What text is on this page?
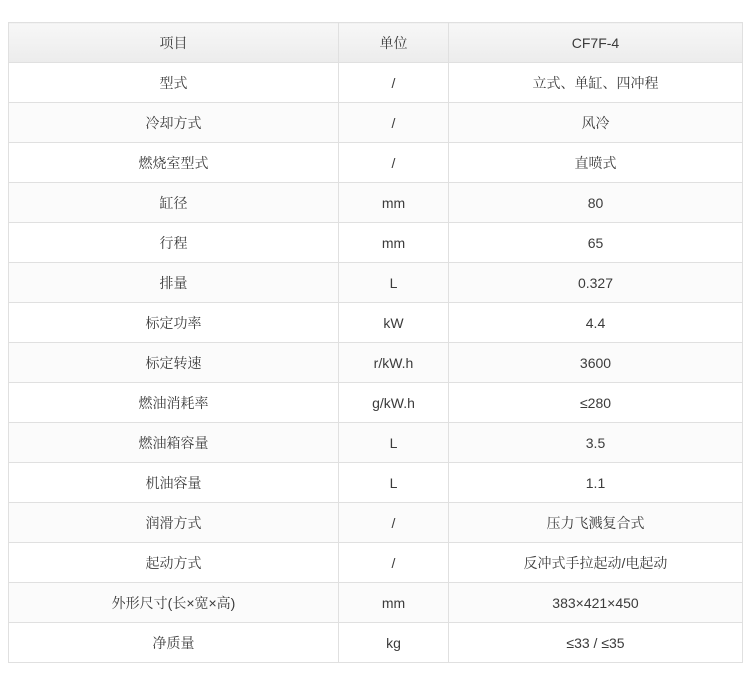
项目	单位	CF7F-4
型式	/	立式、单缸、四冲程
冷却方式	/	风冷
燃烧室型式	/	直喷式
缸径	mm	80
行程	mm	65
排量	L	0.327
标定功率	kW	4.4
标定转速	r/kW.h	3600
燃油消耗率	g/kW.h	≤280
燃油箱容量	L	3.5
机油容量	L	1.1
润滑方式	/	压力飞溅复合式
起动方式	/	反冲式手拉起动/电起动
外形尺寸(长×宽×高)	mm	383×421×450
净质量	kg	≤33 / ≤35
